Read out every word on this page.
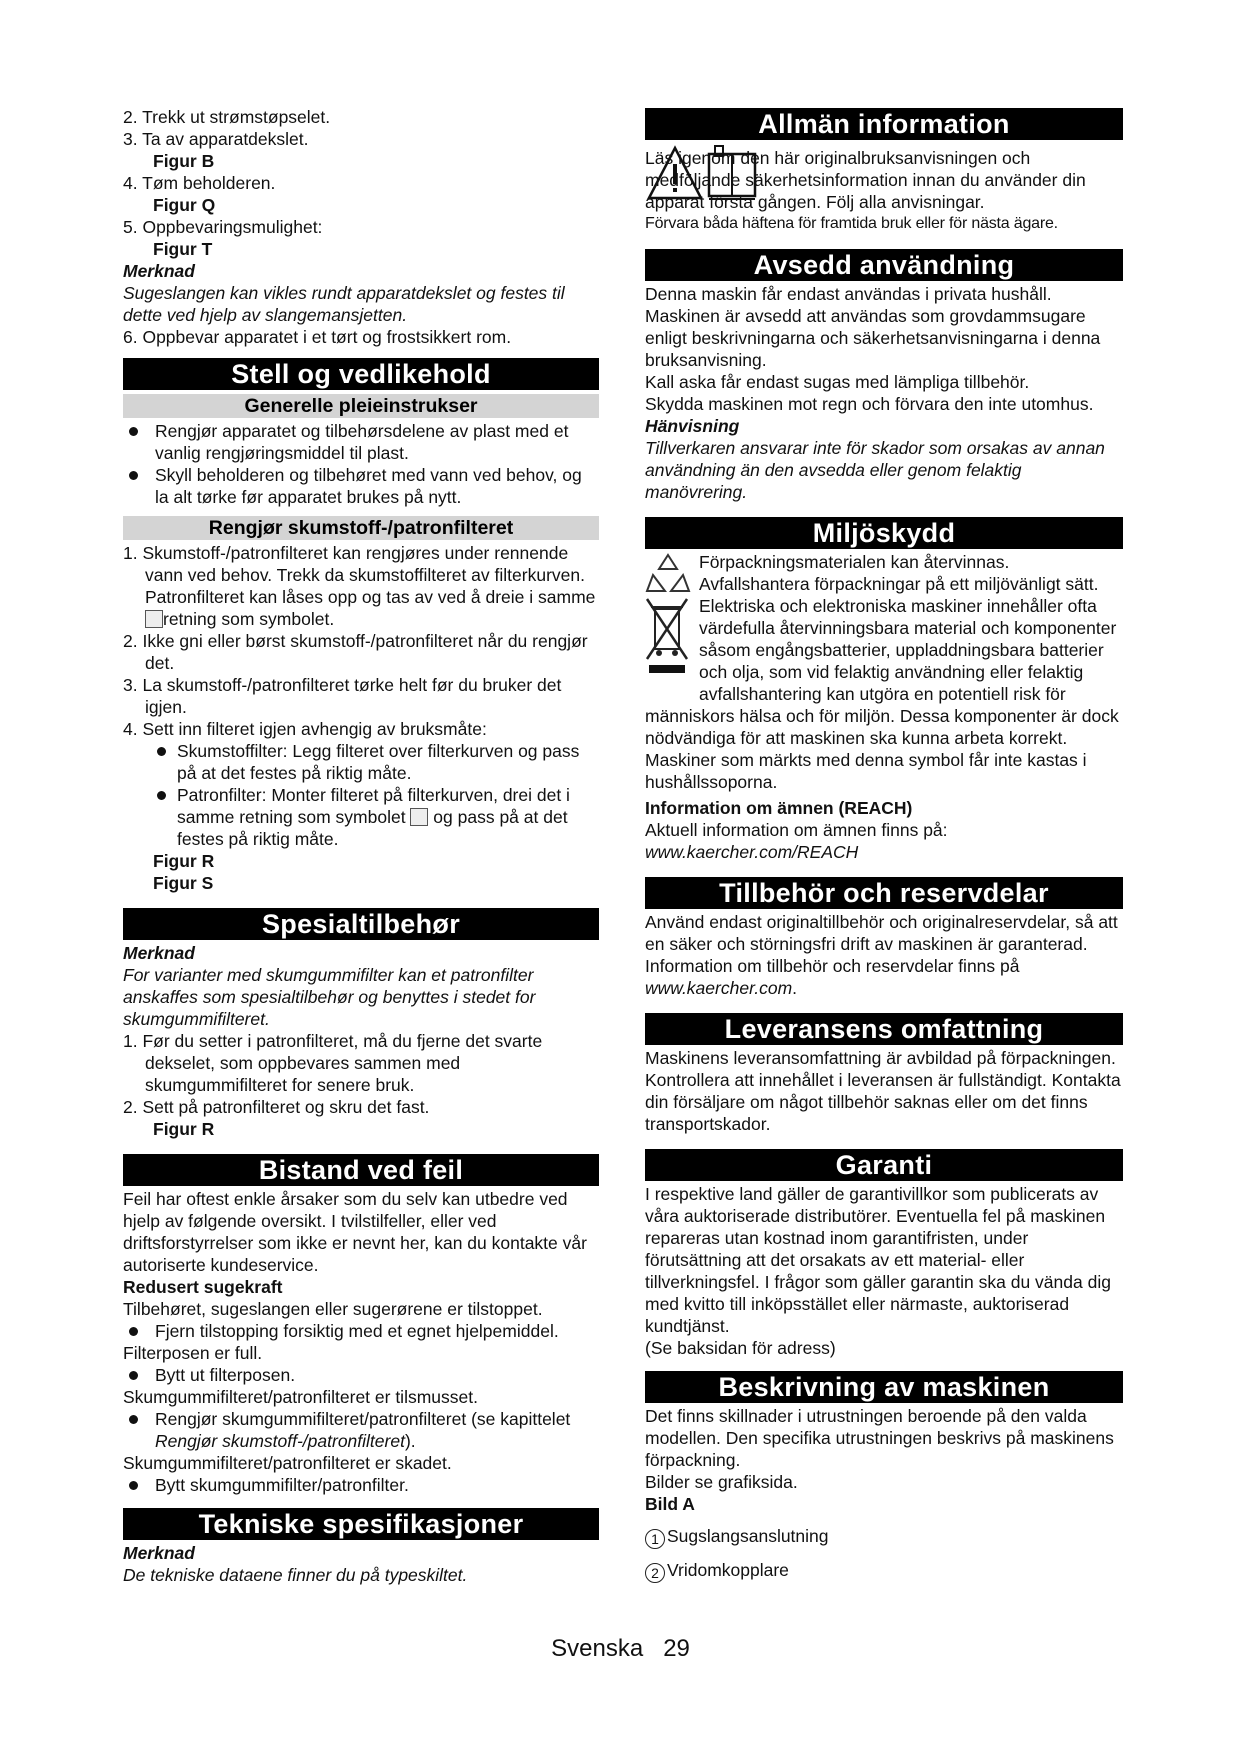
2. Trekk ut strømstøpselet.

3. Ta av apparatdekslet.

Figur B

4. Tøm beholderen.

Figur Q

5. Oppbevaringsmulighet:

Figur T

Merknad

Sugeslangen kan vikles rundt apparatdekslet og festes til dette ved hjelp av slangemansjetten.

6. Oppbevar apparatet i et tørt og frostsikkert rom.

Stell og vedlikehold
Generelle pleieinstrukser

Rengjør apparatet og tilbehørsdelene av plast med et vanlig rengjøringsmiddel til plast.

Skyll beholderen og tilbehøret med vann ved behov, og la alt tørke før apparatet brukes på nytt.

Rengjør skumstoff-/patronfilteret

1. Skumstoff-/patronfilteret kan rengjøres under rennende vann ved behov. Trekk da skumstoffilteret av filterkurven. Patronfilteret kan låses opp og tas av ved å dreie i samme retning som symbolet.

2. Ikke gni eller børst skumstoff-/patronfilteret når du rengjør det.

3. La skumstoff-/patronfilteret tørke helt før du bruker det igjen.

4. Sett inn filteret igjen avhengig av bruksmåte:

Skumstoffilter: Legg filteret over filterkurven og pass på at det festes på riktig måte.

Patronfilter: Monter filteret på filterkurven, drei det i samme retning som symbolet  og pass på at det festes på riktig måte.

Figur R

Figur S

Spesialtilbehør

Merknad

For varianter med skumgummifilter kan et patronfilter anskaffes som spesialtilbehør og benyttes i stedet for skumgummifilteret.

1. Før du setter i patronfilteret, må du fjerne det svarte dekselet, som oppbevares sammen med skumgummifilteret for senere bruk.

2. Sett på patronfilteret og skru det fast.

Figur R

Bistand ved feil

Feil har oftest enkle årsaker som du selv kan utbedre ved hjelp av følgende oversikt. I tvilstilfeller, eller ved driftsforstyrrelser som ikke er nevnt her, kan du kontakte vår autoriserte kundeservice.

Redusert sugekraft

Tilbehøret, sugeslangen eller sugerørene er tilstoppet.

Fjern tilstopping forsiktig med et egnet hjelpemiddel.

Filterposen er full.

Bytt ut filterposen.

Skumgummifilteret/patronfilteret er tilsmusset.

Rengjør skumgummifilteret/patronfilteret (se kapittelet Rengjør skumstoff-/patronfilteret).

Skumgummifilteret/patronfilteret er skadet.

Bytt skumgummifilter/patronfilter.

Tekniske spesifikasjoner

Merknad

De tekniske dataene finner du på typeskiltet.

Allmän information

Läs igenom den här originalbruksanvisningen och medföljande säkerhetsinformation innan du använder din apparat första gången. Följ alla anvisningar.

Förvara båda häftena för framtida bruk eller för nästa ägare.

Avsedd användning

Denna maskin får endast användas i privata hushåll.

Maskinen är avsedd att användas som grovdammsugare enligt beskrivningarna och säkerhetsanvisningarna i denna bruksanvisning.

Kall aska får endast sugas med lämpliga tillbehör.

Skydda maskinen mot regn och förvara den inte utomhus.

Hänvisning

Tillverkaren ansvarar inte för skador som orsakas av annan användning än den avsedda eller genom felaktig manövrering.

Miljöskydd

Förpackningsmaterialen kan återvinnas. Avfallshantera förpackningar på ett miljövänligt sätt.

Elektriska och elektroniska maskiner innehåller ofta värdefulla återvinningsbara material och komponenter såsom engångsbatterier, uppladdningsbara batterier och olja, som vid felaktig användning eller felaktig avfallshantering kan utgöra en potentiell risk för människors hälsa och för miljön. Dessa komponenter är dock nödvändiga för att maskinen ska kunna arbeta korrekt. Maskiner som märkts med denna symbol får inte kastas i hushållssoporna.

Information om ämnen (REACH)

Aktuell information om ämnen finns på: www.kaercher.com/REACH

Tillbehör och reservdelar

Använd endast originaltillbehör och originalreservdelar, så att en säker och störningsfri drift av maskinen är garanterad.

Information om tillbehör och reservdelar finns på

www.kaercher.com.

Leveransens omfattning

Maskinens leveransomfattning är avbildad på förpackningen. Kontrollera att innehållet i leveransen är fullständigt. Kontakta din försäljare om något tillbehör saknas eller om det finns transportskador.

Garanti

I respektive land gäller de garantivillkor som publicerats av våra auktoriserade distributörer. Eventuella fel på maskinen repareras utan kostnad inom garantifristen, under förutsättning att det orsakats av ett material- eller tillverkningsfel. I frågor som gäller garantin ska du vända dig med kvitto till inköpsstället eller närmaste, auktoriserad kundtjänst.

(Se baksidan för adress)

Beskrivning av maskinen

Det finns skillnader i utrustningen beroende på den valda modellen. Den specifika utrustningen beskrivs på maskinens förpackning.

Bilder se grafiksida.

Bild A

1 Sugslangsanslutning

2 Vridomkopplare

Svenska 29
